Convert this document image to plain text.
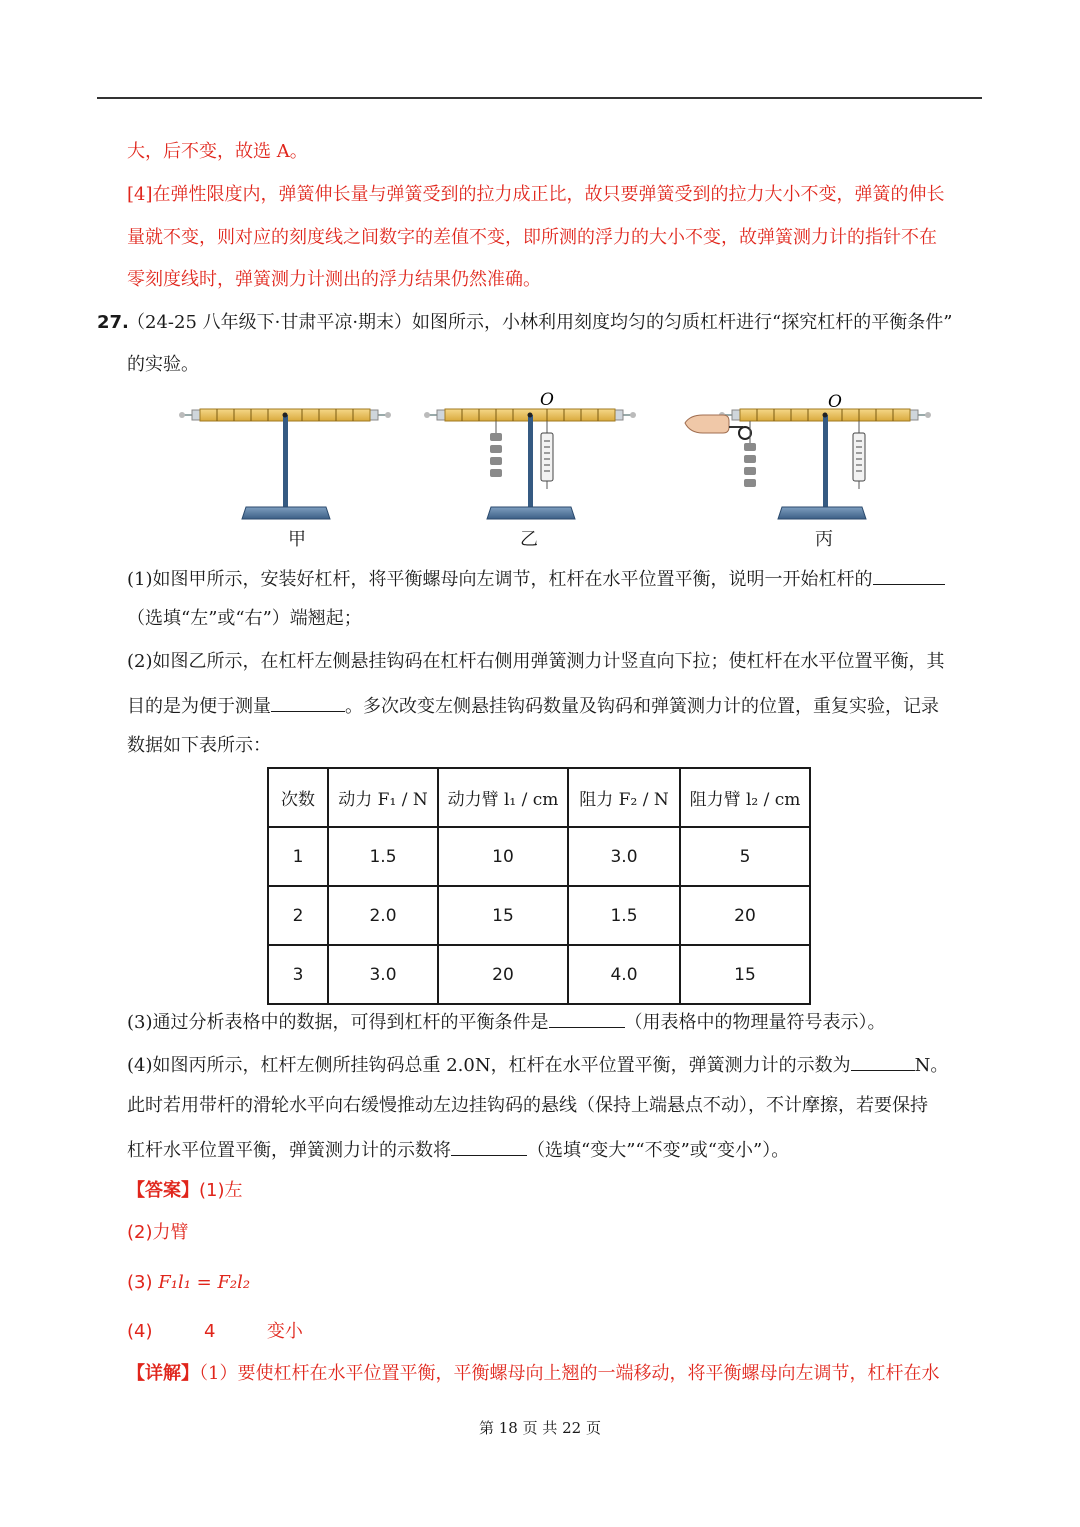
大，后不变，故选 A。
[4]在弹性限度内，弹簧伸长量与弹簧受到的拉力成正比，故只要弹簧受到的拉力大小不变，弹簧的伸长
量就不变，则对应的刻度线之间数字的差值不变，即所测的浮力的大小不变，故弹簧测力计的指针不在
零刻度线时，弹簧测力计测出的浮力结果仍然准确。
27.
（24-25 八年级下·甘肃平凉·期末）如图所示，小林利用刻度均匀的匀质杠杆进行“探究杠杆的平衡条件”
的实验。
O	O
甲	乙	丙
(1)如图甲所示，安装好杠杆，将平衡螺母向左调节，杠杆在水平位置平衡，说明一开始杠杆的
（选填“左”或“右”）端翘起；
(2)如图乙所示，在杠杆左侧悬挂钩码在杠杆右侧用弹簧测力计竖直向下拉；使杠杆在水平位置平衡，其
目的是为便于测量	。多次改变左侧悬挂钩码数量及钩码和弹簧测力计的位置，重复实验，记录
数据如下表所示：
次数	动力 F₁ / N	动力臂 l₁ / cm	阻力 F₂ / N	阻力臂 l₂ / cm
1	1.5	10	3.0	5
2	2.0	15	1.5	20
3	3.0	20	4.0	15
(3)通过分析表格中的数据，可得到杠杆的平衡条件是	（用表格中的物理量符号表示）。
(4)如图丙所示，杠杆左侧所挂钩码总重 2.0N，杠杆在水平位置平衡，弹簧测力计的示数为	N。
此时若用带杆的滑轮水平向右缓慢推动左边挂钩码的悬线（保持上端悬点不动），不计摩擦，若要保持
杠杆水平位置平衡，弹簧测力计的示数将	（选填“变大”“不变”或“变小”）。
【答案】(1)左
(2)力臂
(3) F₁l₁ = F₂l₂
(4)	4	变小
【详解】（1）要使杠杆在水平位置平衡，平衡螺母向上翘的一端移动，将平衡螺母向左调节，杠杆在水
第 18 页 共 22 页
